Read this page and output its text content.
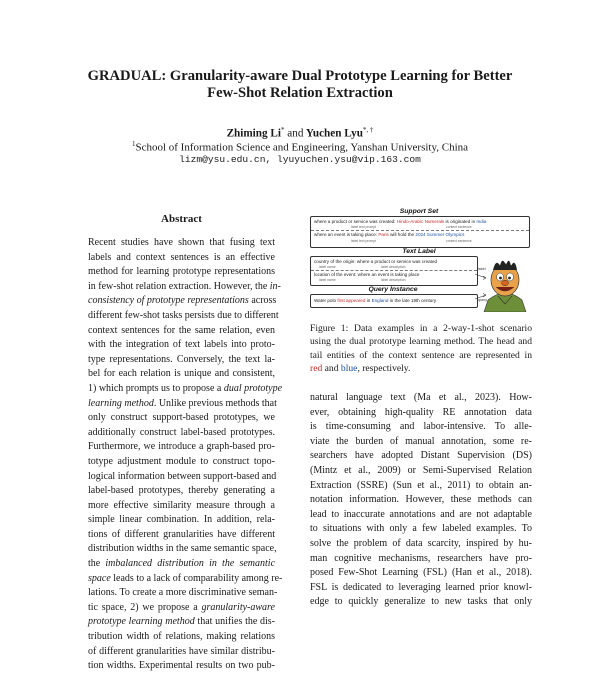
GRADUAL: Granularity-aware Dual Prototype Learning for Better
Few-Shot Relation Extraction
Zhiming Li* and Yuchen Lyu*, †
$^1$School of Information Science and Engineering, Yanshan University, China
lizm@ysu.edu.cn, lyuyuchen.ysu@vip.163.com
Abstract
Recent studies have shown that fusing text
labels and context sentences is an effective
method for learning prototype representations
in few-shot relation extraction. However, the in-
consistency of prototype representations across
different few-shot tasks persists due to different
context sentences for the same relation, even
with the integration of text labels into proto-
type representations. Conversely, the text la-
bel for each relation is unique and consistent,
1) which prompts us to propose a dual prototype
learning method. Unlike previous methods that
only construct support-based prototypes, we
additionally construct label-based prototypes.
Furthermore, we introduce a graph-based pro-
totype adjustment module to construct topo-
logical information between support-based and
label-based prototypes, thereby generating a
more effective similarity measure through a
simple linear combination. In addition, rela-
tions of different granularities have different
distribution widths in the same semantic space,
the imbalanced distribution in the semantic
space leads to a lack of comparability among re-
lations. To create a more discriminative seman-
tic space, 2) we propose a granularity-aware
prototype learning method that unifies the dis-
tribution width of relations, making relations
of different granularities have similar distribu-
tion widths. Experimental results on two pub-
Support Set
where a product or service was created: Hindo-Arabic Numerals is originated in India
label text prompt	context sentence
where an event is taking place: Paris will hold the 2024 Summer Olympics
label text prompt	context sentence
Text Label
country of the origin: where a product or service was created
label name	label description
location of the event: where an event is taking place
label name	label description
Query Instance
Water polo first appeared in England in the late 19th century
label
query
Figure 1: Data examples in a 2-way-1-shot scenario
using the dual prototype learning method. The head and
tail entities of the context sentence are represented in
red and blue, respectively.
natural language text (Ma et al., 2023). How-
ever, obtaining high-quality RE annotation data
is time-consuming and labor-intensive. To alle-
viate the burden of manual annotation, some re-
searchers have adopted Distant Supervision (DS)
(Mintz et al., 2009) or Semi-Supervised Relation
Extraction (SSRE) (Sun et al., 2011) to obtain an-
notation information. However, these methods can
lead to inaccurate annotations and are not adaptable
to situations with only a few labeled examples. To
solve the problem of data scarcity, inspired by hu-
man cognitive mechanisms, researchers have pro-
posed Few-Shot Learning (FSL) (Han et al., 2018).
FSL is dedicated to leveraging learned prior knowl-
edge to quickly generalize to new tasks that only
